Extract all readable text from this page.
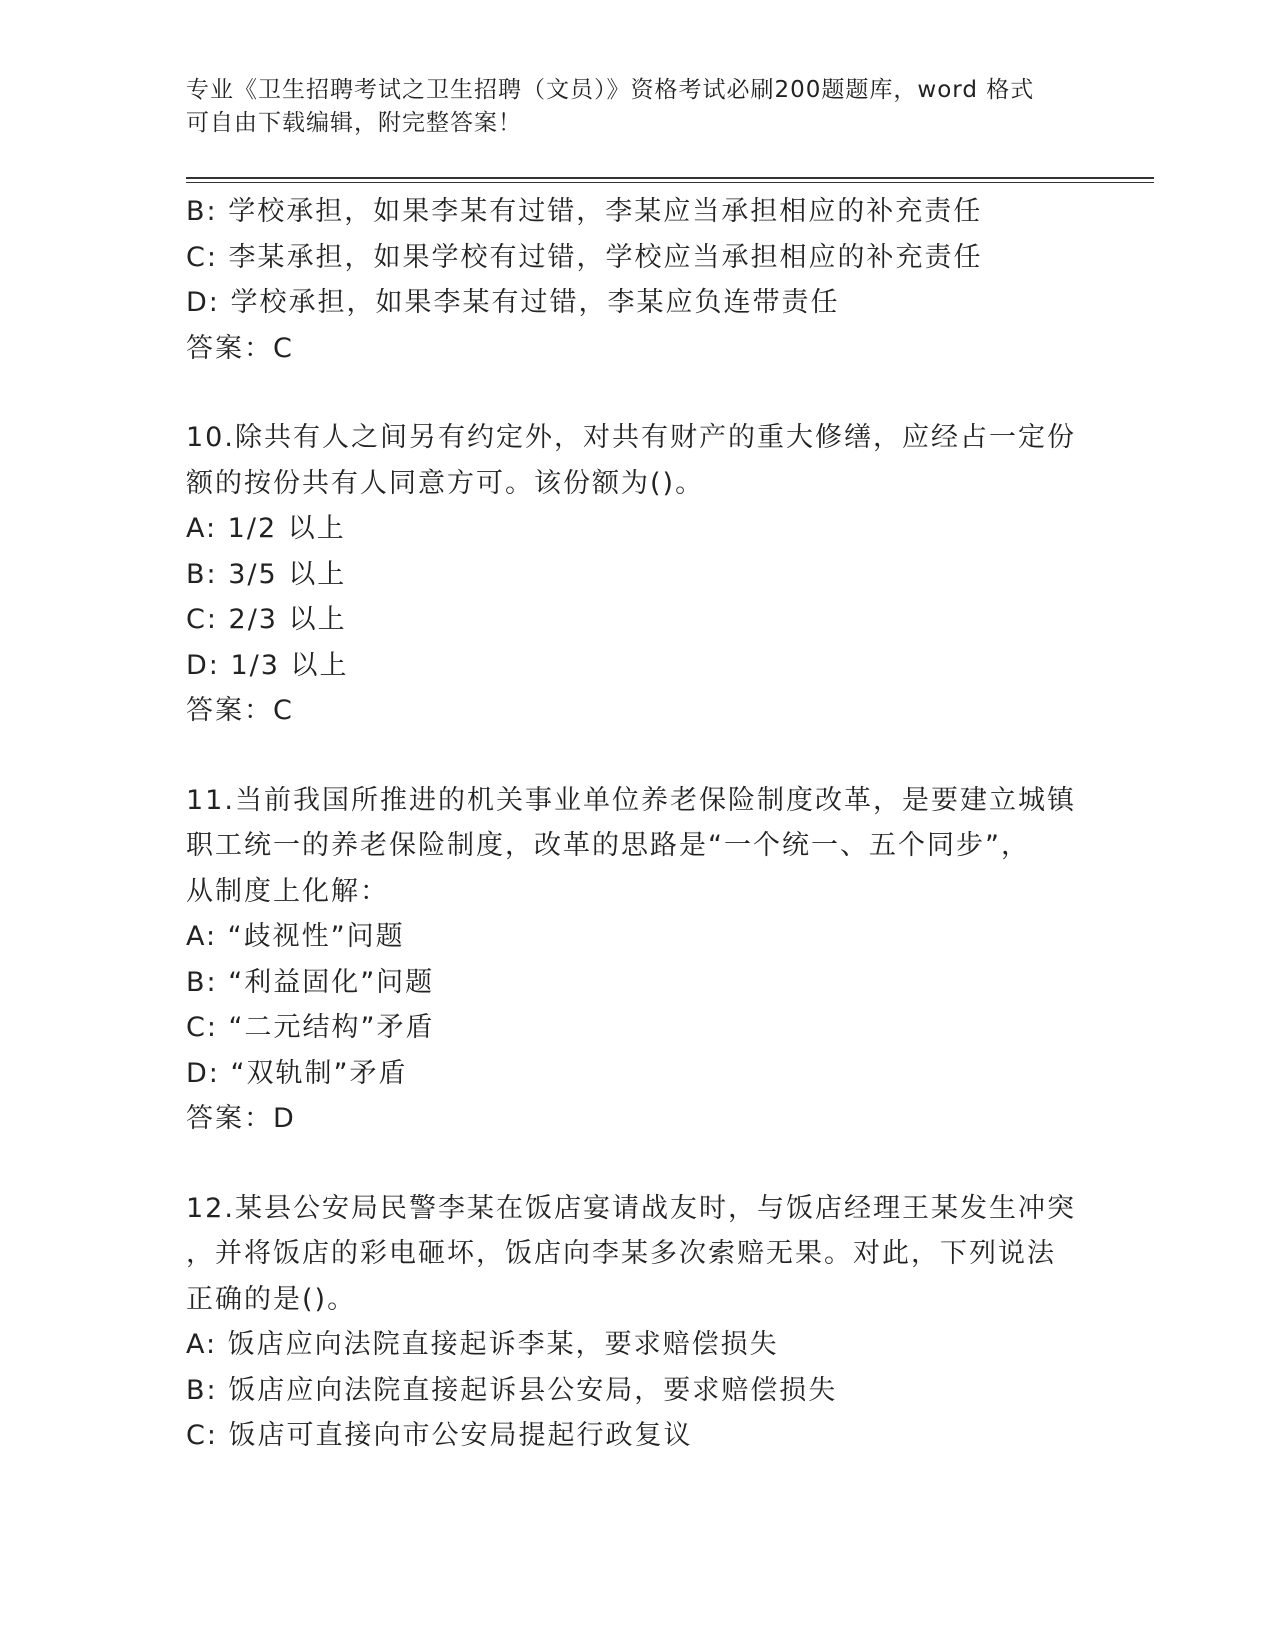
专业《卫生招聘考试之卫生招聘（文员）》资格考试必刷200题题库，word 格式
可自由下载编辑，附完整答案！
B: 学校承担，如果李某有过错，李某应当承担相应的补充责任
C: 李某承担，如果学校有过错，学校应当承担相应的补充责任
D: 学校承担，如果李某有过错，李某应负连带责任
答案：C
10.除共有人之间另有约定外，对共有财产的重大修缮，应经占一定份
额的按份共有人同意方可。该份额为()。
A: 1/2 以上
B: 3/5 以上
C: 2/3 以上
D: 1/3 以上
答案：C
11.当前我国所推进的机关事业单位养老保险制度改革，是要建立城镇
职工统一的养老保险制度，改革的思路是“一个统一、五个同步”，
从制度上化解：
A: “歧视性”问题
B: “利益固化”问题
C: “二元结构”矛盾
D: “双轨制”矛盾
答案：D
12.某县公安局民警李某在饭店宴请战友时，与饭店经理王某发生冲突
，并将饭店的彩电砸坏，饭店向李某多次索赔无果。对此，下列说法
正确的是()。
A: 饭店应向法院直接起诉李某，要求赔偿损失
B: 饭店应向法院直接起诉县公安局，要求赔偿损失
C: 饭店可直接向市公安局提起行政复议
